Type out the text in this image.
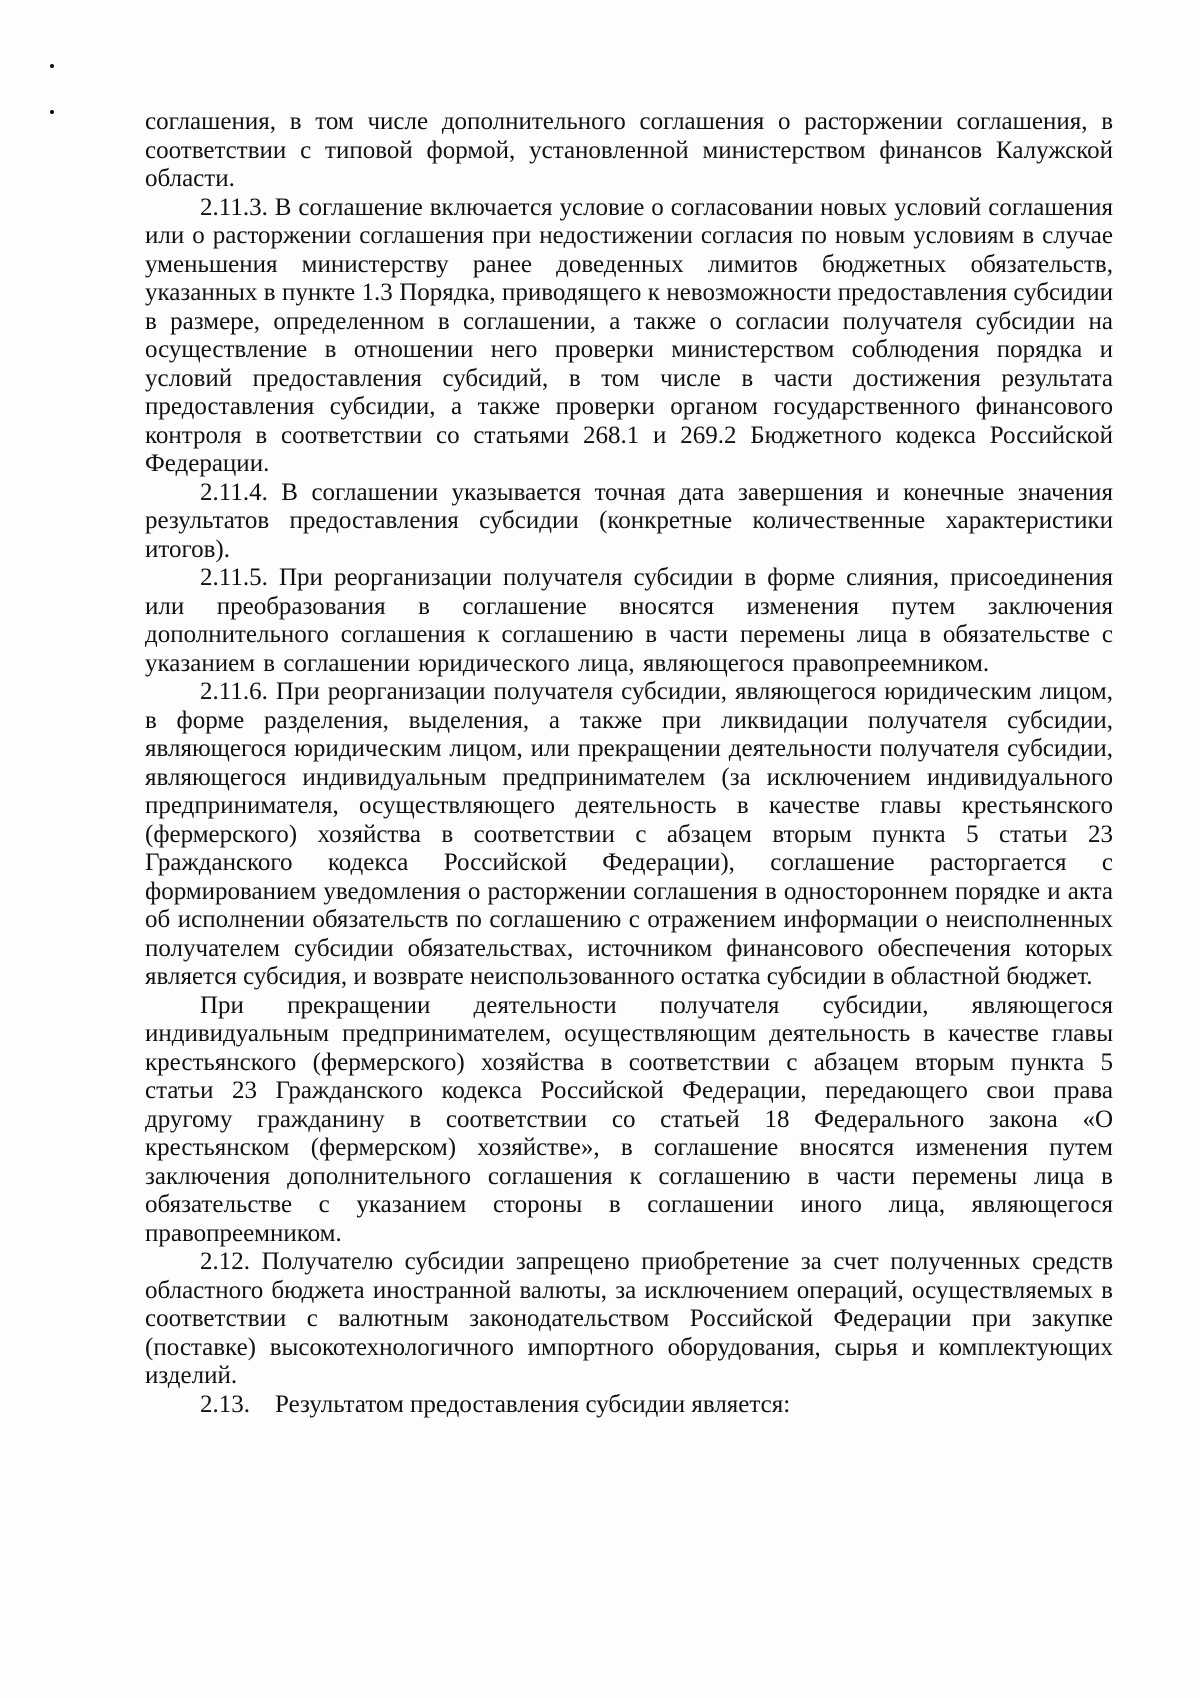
соглашения, в том числе дополнительного соглашения о расторжении соглашения, в соответствии с типовой формой, установленной министерством финансов Калужской области.

2.11.3. В соглашение включается условие о согласовании новых условий соглашения или о расторжении соглашения при недостижении согласия по новым условиям в случае уменьшения министерству ранее доведенных лимитов бюджетных обязательств, указанных в пункте 1.3 Порядка, приводящего к невозможности предоставления субсидии в размере, определенном в соглашении, а также о согласии получателя субсидии на осуществление в отношении него проверки министерством соблюдения порядка и условий предоставления субсидий, в том числе в части достижения результата предоставления субсидии, а также проверки органом государственного финансового контроля в соответствии со статьями 268.1 и 269.2 Бюджетного кодекса Российской Федерации.

2.11.4. В соглашении указывается точная дата завершения и конечные значения результатов предоставления субсидии (конкретные количественные характеристики итогов).

2.11.5. При реорганизации получателя субсидии в форме слияния, присоединения или преобразования в соглашение вносятся изменения путем заключения дополнительного соглашения к соглашению в части перемены лица в обязательстве с указанием в соглашении юридического лица, являющегося правопреемником.

2.11.6. При реорганизации получателя субсидии, являющегося юридическим лицом, в форме разделения, выделения, а также при ликвидации получателя субсидии, являющегося юридическим лицом, или прекращении деятельности получателя субсидии, являющегося индивидуальным предпринимателем (за исключением индивидуального предпринимателя, осуществляющего деятельность в качестве главы крестьянского (фермерского) хозяйства в соответствии с абзацем вторым пункта 5 статьи 23 Гражданского кодекса Российской Федерации), соглашение расторгается с формированием уведомления о расторжении соглашения в одностороннем порядке и акта об исполнении обязательств по соглашению с отражением информации о неисполненных получателем субсидии обязательствах, источником финансового обеспечения которых является субсидия, и возврате неиспользованного остатка субсидии в областной бюджет.

При прекращении деятельности получателя субсидии, являющегося индивидуальным предпринимателем, осуществляющим деятельность в качестве главы крестьянского (фермерского) хозяйства в соответствии с абзацем вторым пункта 5 статьи 23 Гражданского кодекса Российской Федерации, передающего свои права другому гражданину в соответствии со статьей 18 Федерального закона «О крестьянском (фермерском) хозяйстве», в соглашение вносятся изменения путем заключения дополнительного соглашения к соглашению в части перемены лица в обязательстве с указанием стороны в соглашении иного лица, являющегося правопреемником.

2.12. Получателю субсидии запрещено приобретение за счет полученных средств областного бюджета иностранной валюты, за исключением операций, осуществляемых в соответствии с валютным законодательством Российской Федерации при закупке (поставке) высокотехнологичного импортного оборудования, сырья и комплектующих изделий.

2.13.    Результатом предоставления субсидии является:
